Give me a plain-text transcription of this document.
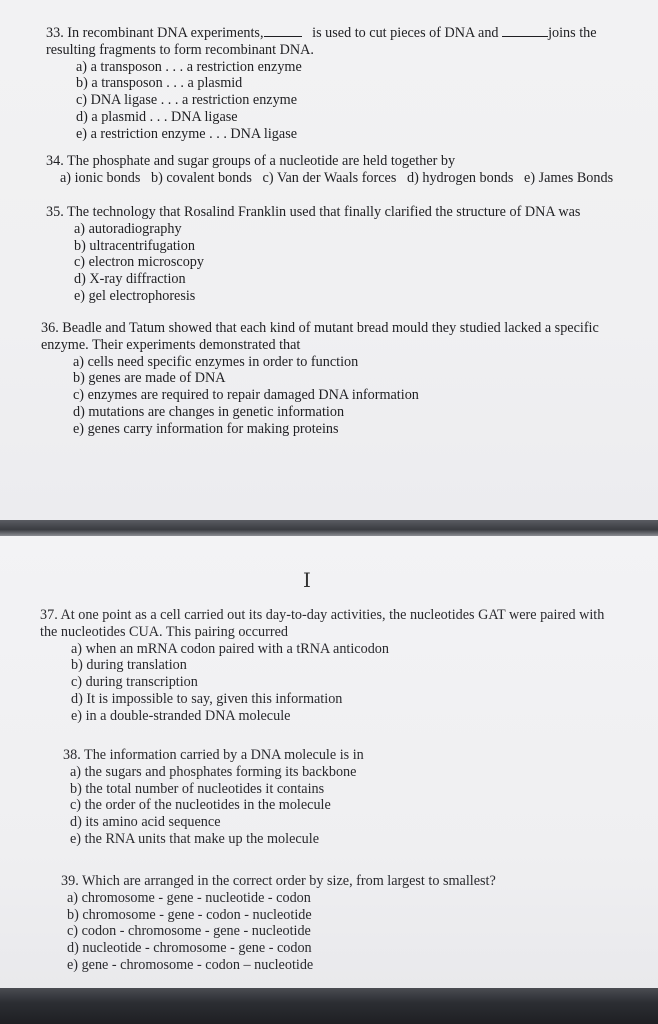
33. In recombinant DNA experiments,	is used to cut pieces of DNA and	joins the
resulting fragments to form recombinant DNA.
a) a transposon . . . a restriction enzyme
b) a transposon . . . a plasmid
c) DNA ligase . . . a restriction enzyme
d) a plasmid . . . DNA ligase
e) a restriction enzyme . . . DNA ligase
34. The phosphate and sugar groups of a nucleotide are held together by
a) ionic bonds   b) covalent bonds   c) Van der Waals forces   d) hydrogen bonds   e) James Bonds
35. The technology that Rosalind Franklin used that finally clarified the structure of DNA was
a) autoradiography
b) ultracentrifugation
c) electron microscopy
d) X-ray diffraction
e) gel electrophoresis
36. Beadle and Tatum showed that each kind of mutant bread mould they studied lacked a specific
enzyme. Their experiments demonstrated that
a) cells need specific enzymes in order to function
b) genes are made of DNA
c) enzymes are required to repair damaged DNA information
d) mutations are changes in genetic information
e) genes carry information for making proteins
I
37. At one point as a cell carried out its day-to-day activities, the nucleotides GAT were paired with
the nucleotides CUA. This pairing occurred
a) when an mRNA codon paired with a tRNA anticodon
b) during translation
c) during transcription
d) It is impossible to say, given this information
e) in a double-stranded DNA molecule
38. The information carried by a DNA molecule is in
a) the sugars and phosphates forming its backbone
b) the total number of nucleotides it contains
c) the order of the nucleotides in the molecule
d) its amino acid sequence
e) the RNA units that make up the molecule
39. Which are arranged in the correct order by size, from largest to smallest?
a) chromosome - gene - nucleotide - codon
b) chromosome - gene - codon - nucleotide
c) codon - chromosome - gene - nucleotide
d) nucleotide - chromosome - gene - codon
e) gene - chromosome - codon – nucleotide
